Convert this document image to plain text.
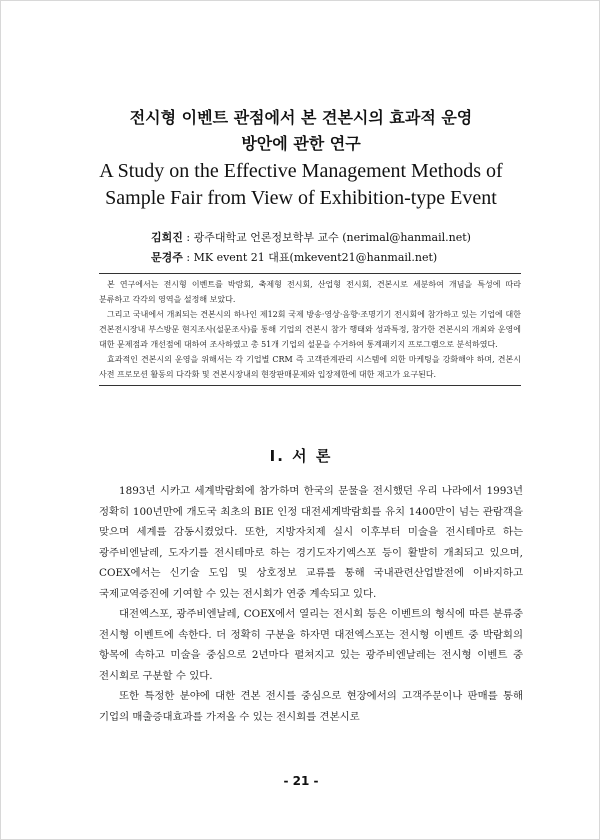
전시형 이벤트 관점에서 본 견본시의 효과적 운영
방안에 관한 연구
A Study on the Effective Management Methods of
Sample Fair from View of Exhibition-type Event
김희진 : 광주대학교 언론정보학부 교수 (nerimal@hanmail.net)
문경주 : MK event 21 대표(mkevent21@hanmail.net)

본 연구에서는 전시형 이벤트를 박람회, 축제형 전시회, 산업형 전시회, 견본시로 세분하여 개념을 특성에 따라 분류하고 각각의 영역을 설정해 보았다.

그리고 국내에서 개최되는 견본시의 하나인 제12회 국제 방송·영상·음향·조명기기 전시회에 참가하고 있는 기업에 대한 견본전시장내 부스방문 현지조사(설문조사)를 통해 기업의 견본시 참가 행태와 성과특정, 참가한 견본시의 개최와 운영에 대한 문제점과 개선점에 대하여 조사하였고 총 51개 기업의 설문을 수거하여 통계패키지 프로그램으로 분석하였다.

효과적인 견본시의 운영을 위해서는 각 기업별 CRM 즉 고객관계관리 시스템에 의한 마케팅을 강화해야 하며, 견본시 사전 프로모션 활동의 다각화 및 견본시장내의 현장판매문제와 입장제한에 대한 재고가 요구된다.

I. 서 론

1893년 시카고 세계박람회에 참가하며 한국의 문물을 전시했던 우리 나라에서 1993년 정확히 100년만에 개도국 최초의 BIE 인정 대전세계박람회를 유치 1400만이 넘는 관람객을 맞으며 세계를 감동시켰었다. 또한, 지방자치제 실시 이후부터 미술을 전시테마로 하는 광주비엔날레, 도자기를 전시테마로 하는 경기도자기엑스포 등이 활발히 개최되고 있으며, COEX에서는 신기술 도입 및 상호정보 교류를 통해 국내관련산업발전에 이바지하고 국제교역증진에 기여할 수 있는 전시회가 연중 계속되고 있다.

대전엑스포, 광주비엔날레, COEX에서 열리는 전시회 등은 이벤트의 형식에 따른 분류중 전시형 이벤트에 속한다. 더 정확히 구분을 하자면 대전엑스포는 전시형 이벤트 중 박람회의 항목에 속하고 미술을 중심으로 2년마다 펼쳐지고 있는 광주비엔날레는 전시형 이벤트 중 전시회로 구분할 수 있다.

또한 특정한 분야에 대한 견본 전시를 중심으로 현장에서의 고객주문이나 판매를 통해 기업의 매출증대효과를 가져올 수 있는 전시회를 견본시로

- 21 -
